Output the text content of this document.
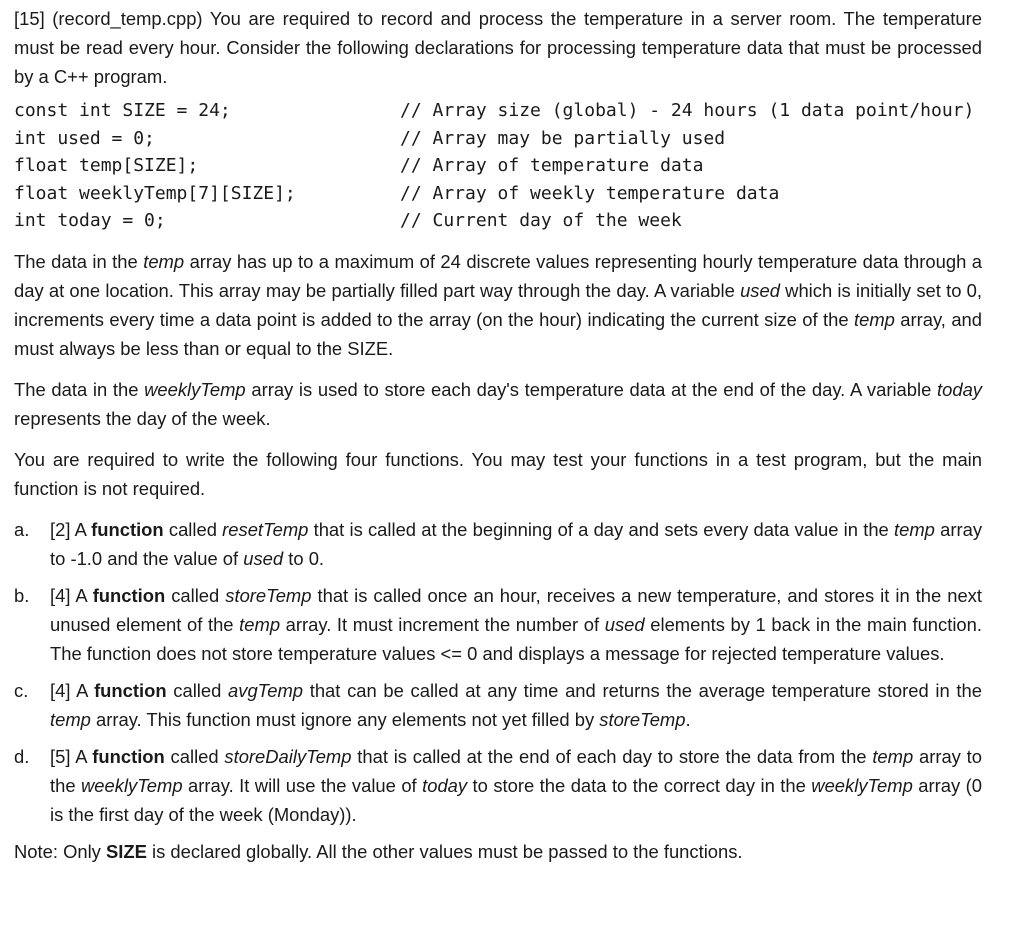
[15] (record_temp.cpp) You are required to record and process the temperature in a server room. The temperature must be read every hour. Consider the following declarations for processing temperature data that must be processed by a C++ program.

const int SIZE = 24;	// Array size (global) - 24 hours (1 data point/hour)
int used = 0;	// Array may be partially used
float temp[SIZE];	// Array of temperature data
float weeklyTemp[7][SIZE];	// Array of weekly temperature data
int today = 0;	// Current day of the week

The data in the temp array has up to a maximum of 24 discrete values representing hourly temperature data through a day at one location. This array may be partially filled part way through the day. A variable used which is initially set to 0, increments every time a data point is added to the array (on the hour) indicating the current size of the temp array, and must always be less than or equal to the SIZE.

The data in the weeklyTemp array is used to store each day's temperature data at the end of the day. A variable today represents the day of the week.

You are required to write the following four functions. You may test your functions in a test program, but the main function is not required.

a.	[2] A function called resetTemp that is called at the beginning of a day and sets every data value in the temp array to -1.0 and the value of used to 0.

b.	[4] A function called storeTemp that is called once an hour, receives a new temperature, and stores it in the next unused element of the temp array. It must increment the number of used elements by 1 back in the main function. The function does not store temperature values <= 0 and displays a message for rejected temperature values.

c.	[4] A function called avgTemp that can be called at any time and returns the average temperature stored in the temp array. This function must ignore any elements not yet filled by storeTemp.

d.	[5] A function called storeDailyTemp that is called at the end of each day to store the data from the temp array to the weeklyTemp array. It will use the value of today to store the data to the correct day in the weeklyTemp array (0 is the first day of the week (Monday)).

Note: Only SIZE is declared globally. All the other values must be passed to the functions.
